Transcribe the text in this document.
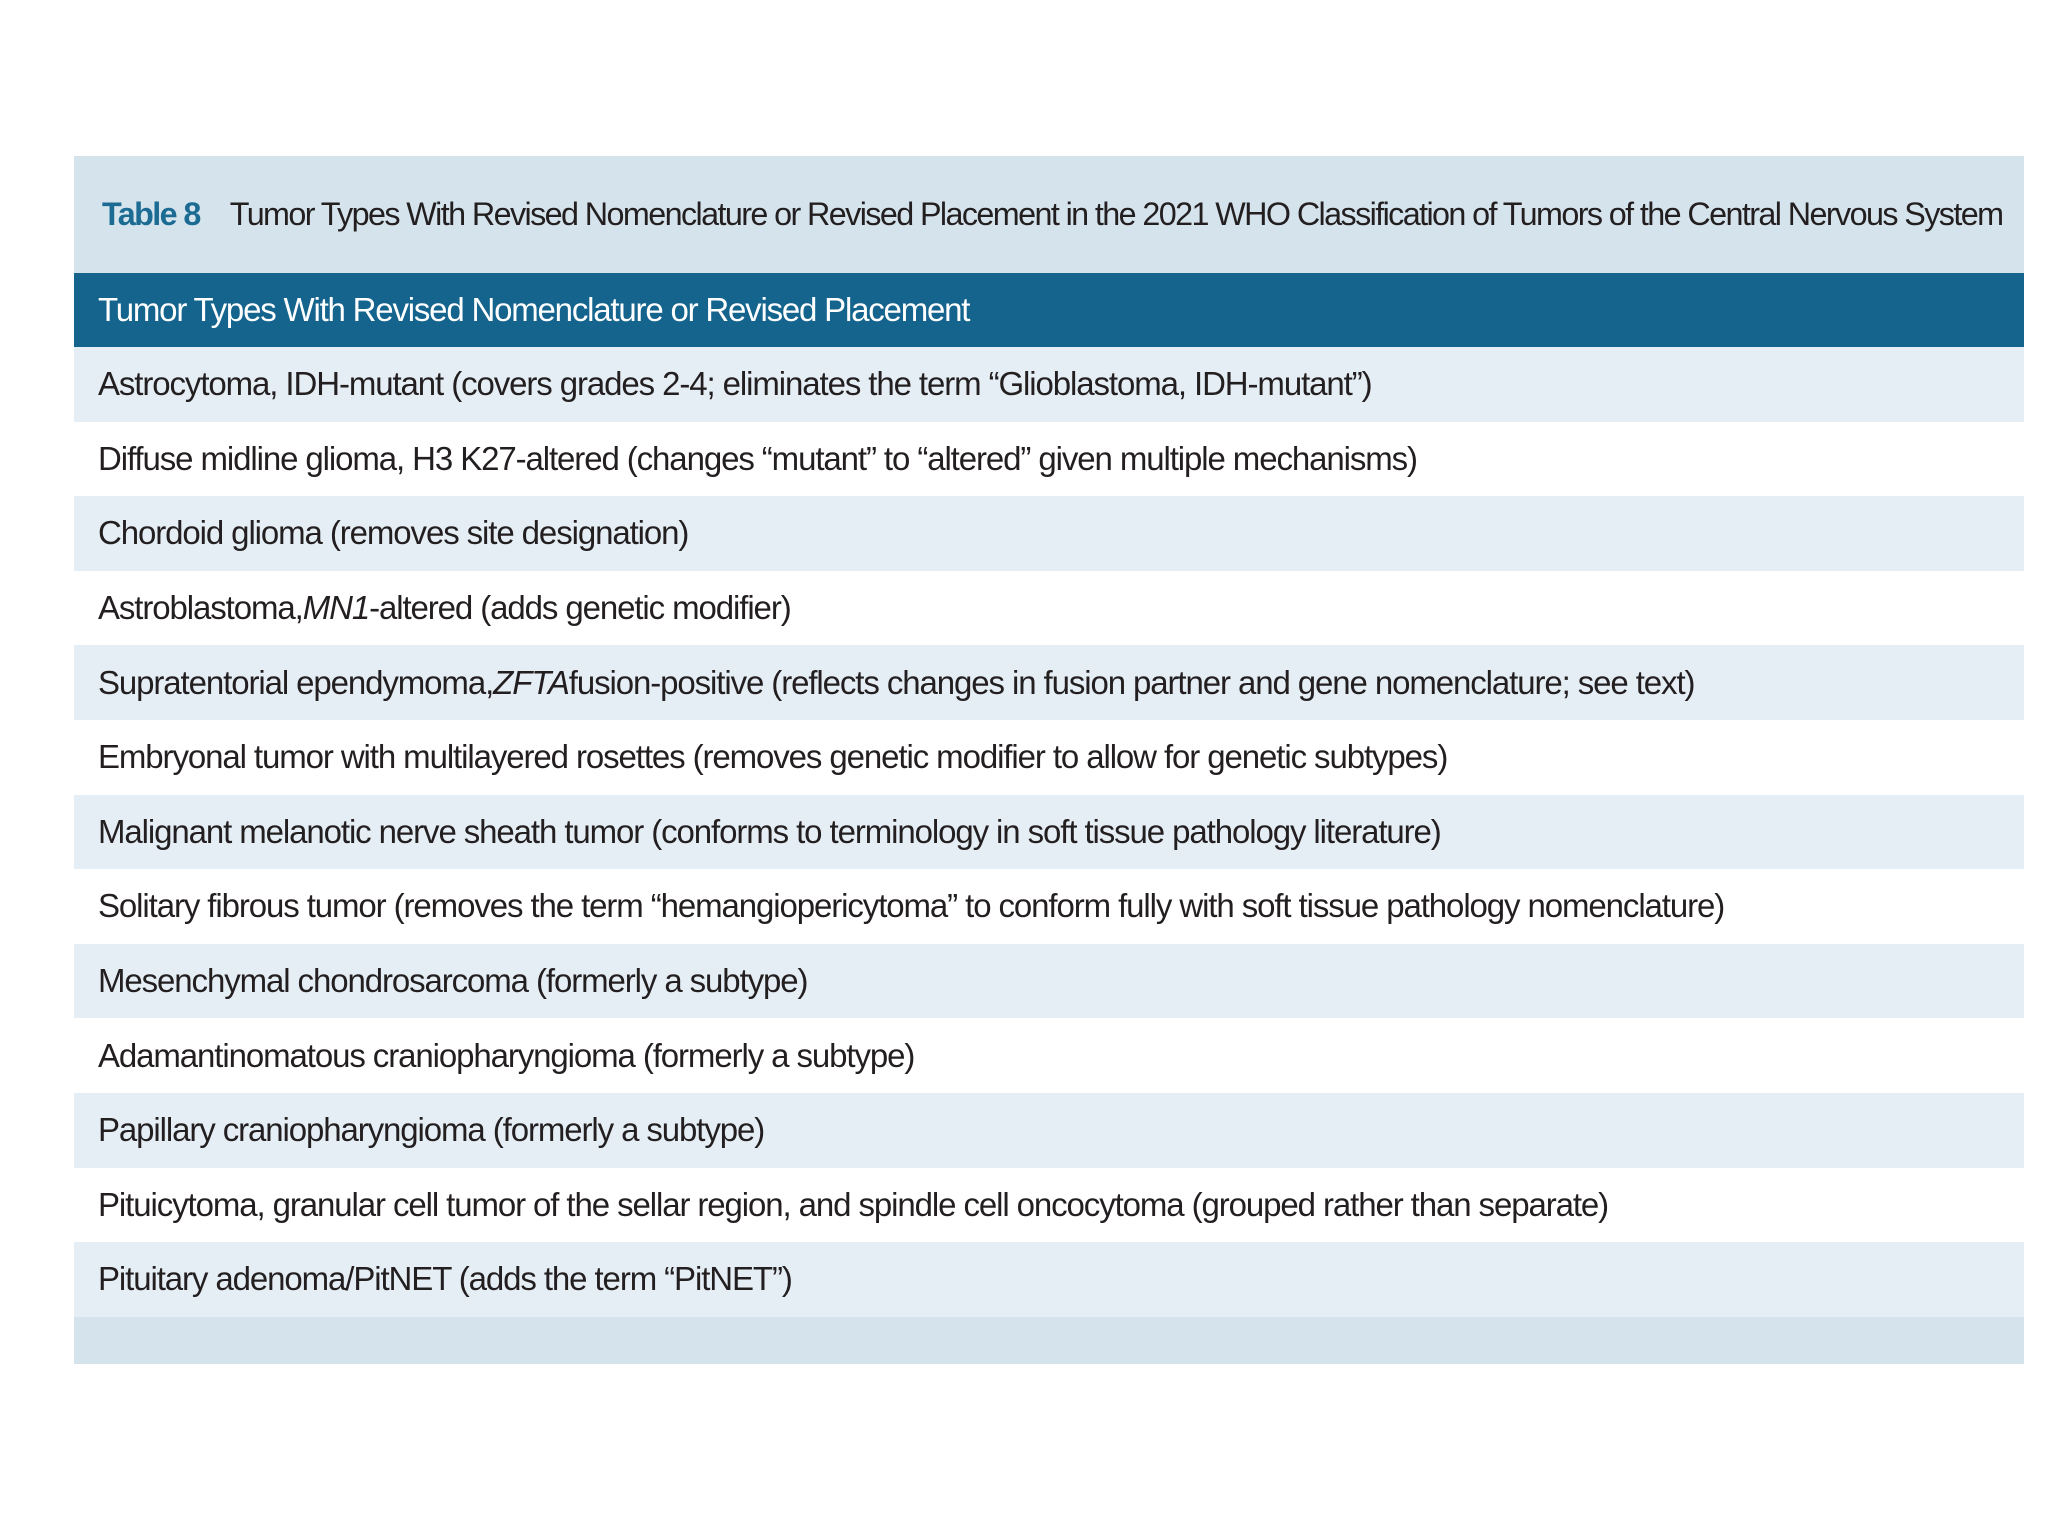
Table 8 Tumor Types With Revised Nomenclature or Revised Placement in the 2021 WHO Classification of Tumors of the Central Nervous System
Tumor Types With Revised Nomenclature or Revised Placement
Astrocytoma, IDH-mutant (covers grades 2-4; eliminates the term “Glioblastoma, IDH-mutant”)
Diffuse midline glioma, H3 K27-altered (changes “mutant” to “altered” given multiple mechanisms)
Chordoid glioma (removes site designation)
Astroblastoma, MN1 -altered (adds genetic modifier)
Supratentorial ependymoma, ZFTA fusion-positive (reflects changes in fusion partner and gene nomenclature; see text)
Embryonal tumor with multilayered rosettes (removes genetic modifier to allow for genetic subtypes)
Malignant melanotic nerve sheath tumor (conforms to terminology in soft tissue pathology literature)
Solitary fibrous tumor (removes the term “hemangiopericytoma” to conform fully with soft tissue pathology nomenclature)
Mesenchymal chondrosarcoma (formerly a subtype)
Adamantinomatous craniopharyngioma (formerly a subtype)
Papillary craniopharyngioma (formerly a subtype)
Pituicytoma, granular cell tumor of the sellar region, and spindle cell oncocytoma (grouped rather than separate)
Pituitary adenoma/PitNET (adds the term “PitNET”)
